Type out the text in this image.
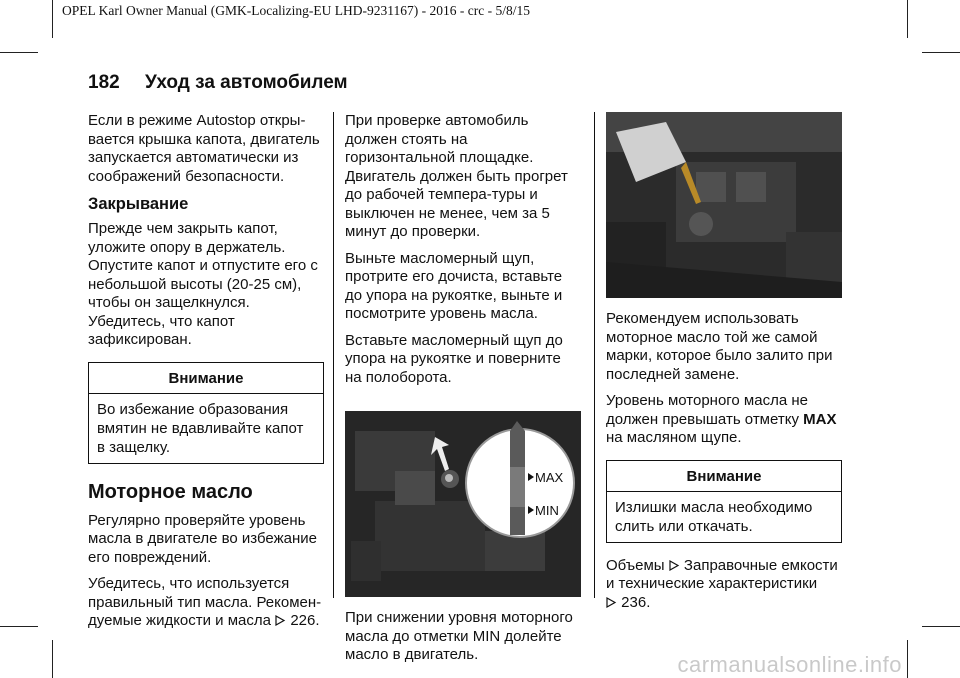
OPEL Karl Owner Manual (GMK-Localizing-EU LHD-9231167) - 2016 - crc - 5/8/15
182 Уход за автомобилем

Если в режиме Autostop откры-вается крышка капота, двигатель запускается автоматически из соображений безопасности.

Закрывание

Прежде чем закрыть капот, уложите опору в держатель. Опустите капот и отпустите его с небольшой высоты (20-25 см), чтобы он защелкнулся. Убедитесь, что капот зафиксирован.

Внимание
Во избежание образования вмятин не вдавливайте капот в защелку.
Моторное масло

Регулярно проверяйте уровень масла в двигателе во избежание его повреждений.

Убедитесь, что используется правильный тип масла. Рекомен-дуемые жидкости и масла 226.

При проверке автомобиль должен стоять на горизонтальной площадке. Двигатель должен быть прогрет до рабочей темпера-туры и выключен не менее, чем за 5 минут до проверки.

Выньте масломерный щуп, протрите его дочиста, вставьте до упора на рукоятке, выньте и посмотрите уровень масла.

Вставьте масломерный щуп до упора на рукоятке и поверните на полоборота.

MAX
MIN

При снижении уровня моторного масла до отметки MIN долейте масло в двигатель.

Рекомендуем использовать моторное масло той же самой марки, которое было залито при последней замене.

Уровень моторного масла не должен превышать отметку MAX на масляном щупе.

Внимание
Излишки масла необходимо слить или откачать.

Объемы Заправочные емкости и технические характеристики
236.

carmanualsonline.info
